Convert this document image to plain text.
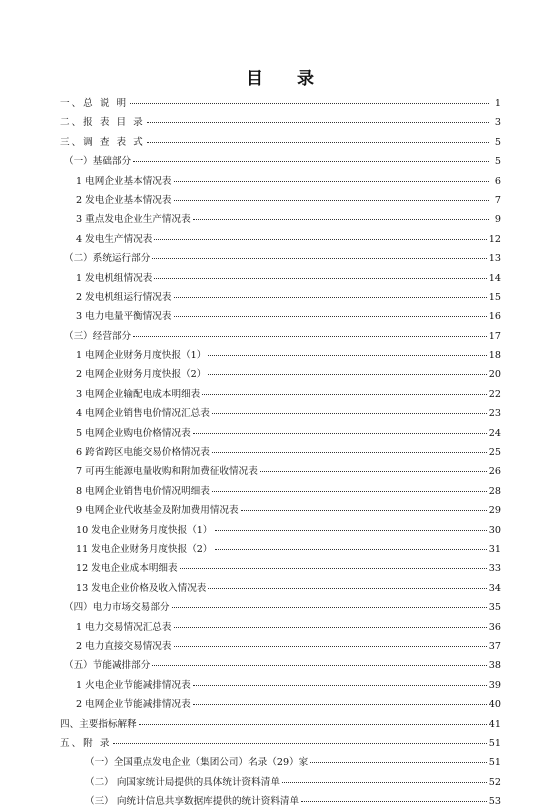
目 录
一、总 说 明	1
二、报 表 目 录	3
三、调 查 表 式	5
（一）基础部分	5
1 电网企业基本情况表	6
2 发电企业基本情况表	7
3 重点发电企业生产情况表	9
4 发电生产情况表	12
（二）系统运行部分	13
1 发电机组情况表	14
2 发电机组运行情况表	15
3 电力电量平衡情况表	16
（三）经营部分	17
1 电网企业财务月度快报（1）	18
2 电网企业财务月度快报（2）	20
3 电网企业输配电成本明细表	22
4 电网企业销售电价情况汇总表	23
5 电网企业购电价格情况表	24
6 跨省跨区电能交易价格情况表	25
7 可再生能源电量收购和附加费征收情况表	26
8 电网企业销售电价情况明细表	28
9 电网企业代收基金及附加费用情况表	29
10 发电企业财务月度快报（1）	30
11 发电企业财务月度快报（2）	31
12 发电企业成本明细表	33
13 发电企业价格及收入情况表	34
（四）电力市场交易部分	35
1 电力交易情况汇总表	36
2 电力直接交易情况表	37
（五）节能减排部分	38
1 火电企业节能减排情况表	39
2 电网企业节能减排情况表	40
四、主要指标解释	41
五、附 录	51
（一）全国重点发电企业（集团公司）名录（29）家	51
（二） 向国家统计局提供的具体统计资料清单	52
（三） 向统计信息共享数据库提供的统计资料清单	53
